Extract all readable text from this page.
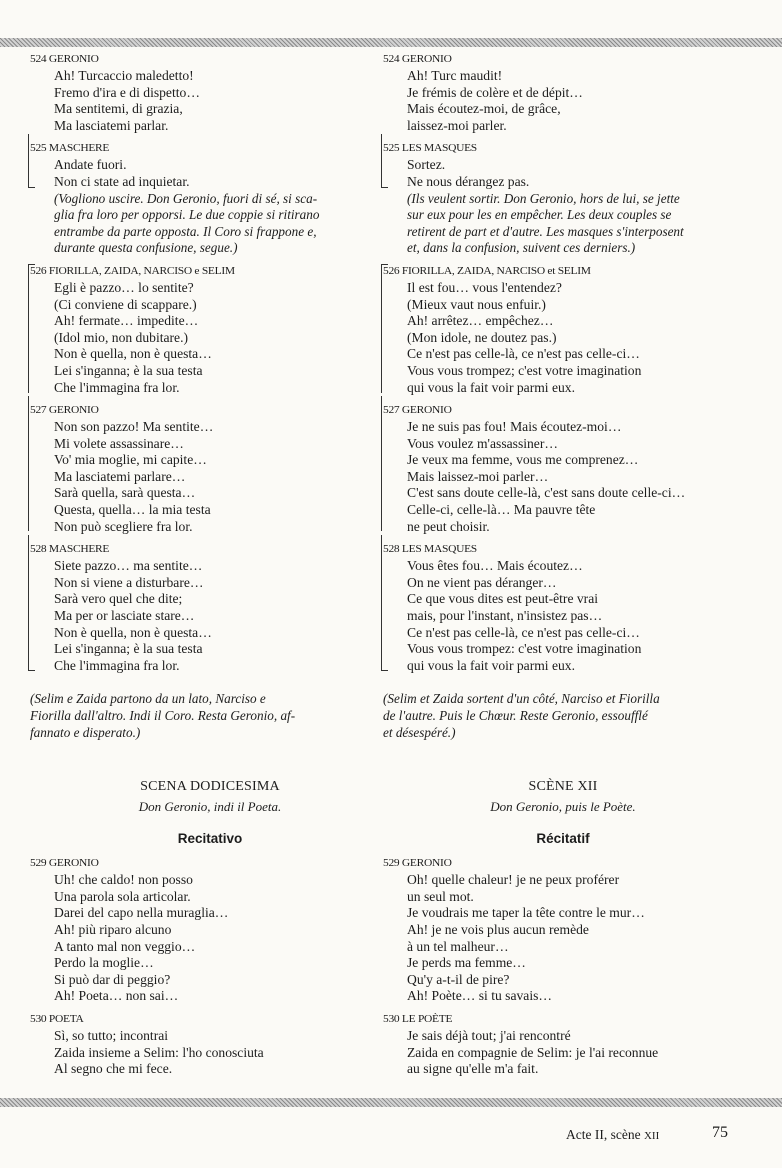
524 GERONIO
Ah! Turcaccio maledetto!
Fremo d'ira e di dispetto…
Ma sentitemi, di grazia,
Ma lasciatemi parlar.
525 MASCHERE
Andate fuori.
Non ci state ad inquietar.
(Vogliono uscire. Don Geronio, fuori di sé, si sca-
glia fra loro per opporsi. Le due coppie si ritirano
entrambe da parte opposta. Il Coro si frappone e,
durante questa confusione, segue.)
526 FIORILLA, ZAIDA, NARCISO e SELIM
Egli è pazzo… lo sentite?
(Ci conviene di scappare.)
Ah! fermate… impedite…
(Idol mio, non dubitare.)
Non è quella, non è questa…
Lei s'inganna; è la sua testa
Che l'immagina fra lor.
527 GERONIO
Non son pazzo! Ma sentite…
Mi volete assassinare…
Vo' mia moglie, mi capite…
Ma lasciatemi parlare…
Sarà quella, sarà questa…
Questa, quella… la mia testa
Non può scegliere fra lor.
528 MASCHERE
Siete pazzo… ma sentite…
Non si viene a disturbare…
Sarà vero quel che dite;
Ma per or lasciate stare…
Non è quella, non è questa…
Lei s'inganna; è la sua testa
Che l'immagina fra lor.
(Selim e Zaida partono da un lato, Narciso e
Fiorilla dall'altro. Indi il Coro. Resta Geronio, af-
fannato e disperato.)
SCENA DODICESIMA
Don Geronio, indi il Poeta.
Recitativo
529 GERONIO
Uh! che caldo! non posso
Una parola sola articolar.
Darei del capo nella muraglia…
Ah! più riparo alcuno
A tanto mal non veggio…
Perdo la moglie…
Si può dar di peggio?
Ah! Poeta… non sai…
530 POETA
Sì, so tutto; incontrai
Zaida insieme a Selim: l'ho conosciuta
Al segno che mi fece.
524 GERONIO
Ah! Turc maudit!
Je frémis de colère et de dépit…
Mais écoutez-moi, de grâce,
laissez-moi parler.
525 LES MASQUES
Sortez.
Ne nous dérangez pas.
(Ils veulent sortir. Don Geronio, hors de lui, se jette
sur eux pour les en empêcher. Les deux couples se
retirent de part et d'autre. Les masques s'interposent
et, dans la confusion, suivent ces derniers.)
526 FIORILLA, ZAIDA, NARCISO et SELIM
Il est fou… vous l'entendez?
(Mieux vaut nous enfuir.)
Ah! arrêtez… empêchez…
(Mon idole, ne doutez pas.)
Ce n'est pas celle-là, ce n'est pas celle-ci…
Vous vous trompez; c'est votre imagination
qui vous la fait voir parmi eux.
527 GERONIO
Je ne suis pas fou! Mais écoutez-moi…
Vous voulez m'assassiner…
Je veux ma femme, vous me comprenez…
Mais laissez-moi parler…
C'est sans doute celle-là, c'est sans doute celle-ci…
Celle-ci, celle-là… Ma pauvre tête
ne peut choisir.
528 LES MASQUES
Vous êtes fou… Mais écoutez…
On ne vient pas déranger…
Ce que vous dites est peut-être vrai
mais, pour l'instant, n'insistez pas…
Ce n'est pas celle-là, ce n'est pas celle-ci…
Vous vous trompez: c'est votre imagination
qui vous la fait voir parmi eux.
(Selim et Zaida sortent d'un côté, Narciso et Fiorilla
de l'autre. Puis le Chœur. Reste Geronio, essoufflé
et désespéré.)
SCÈNE XII
Don Geronio, puis le Poète.
Récitatif
529 GERONIO
Oh! quelle chaleur! je ne peux proférer
un seul mot.
Je voudrais me taper la tête contre le mur…
Ah! je ne vois plus aucun remède
à un tel malheur…
Je perds ma femme…
Qu'y a-t-il de pire?
Ah! Poète… si tu savais…
530 LE POÈTE
Je sais déjà tout; j'ai rencontré
Zaida en compagnie de Selim: je l'ai reconnue
au signe qu'elle m'a fait.
Acte II, scène XII	75
